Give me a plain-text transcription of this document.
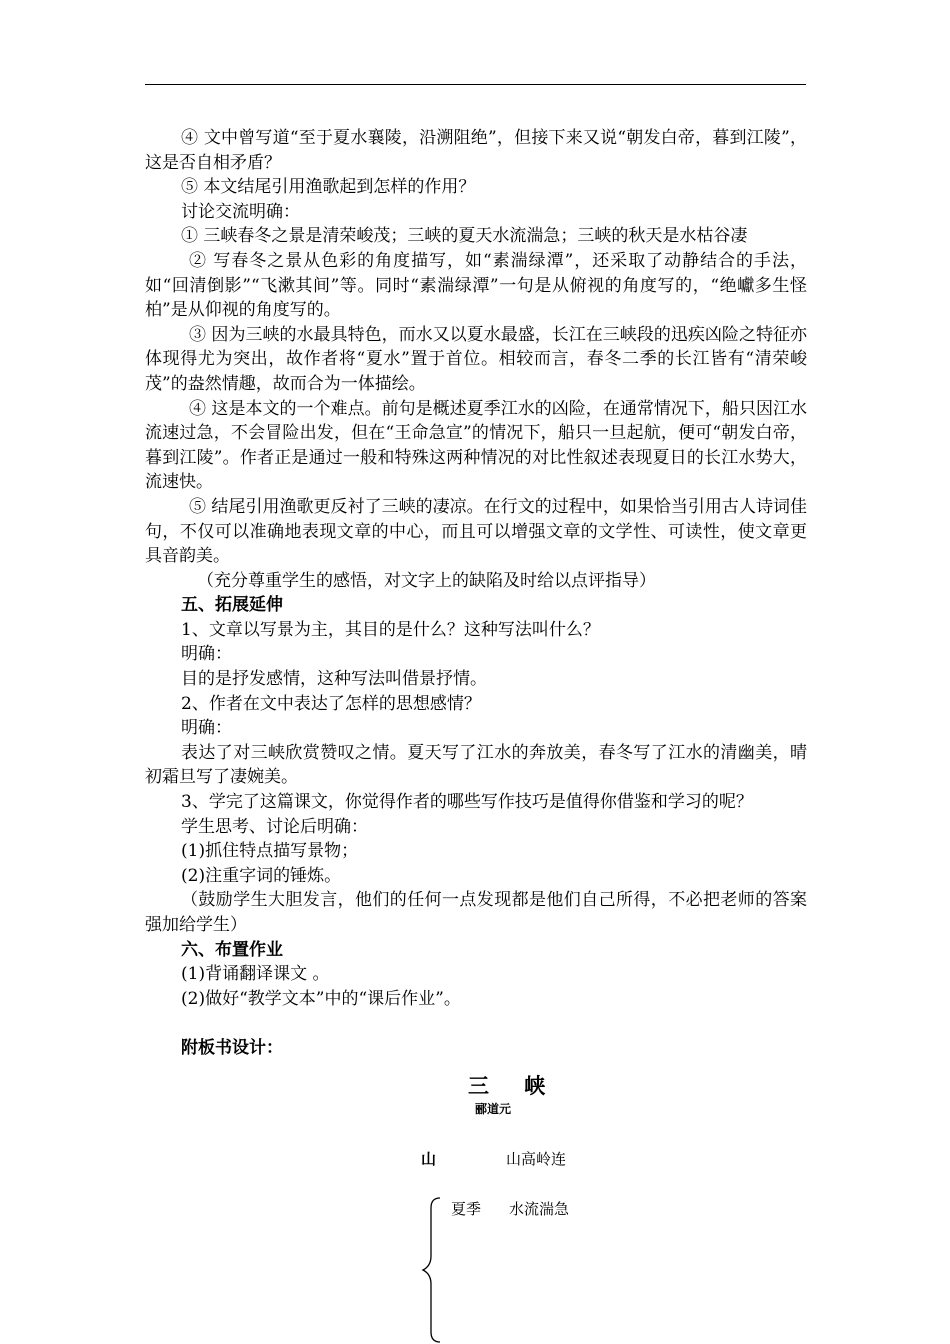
④ 文中曾写道“至于夏水襄陵，沿溯阻绝”，但接下来又说“朝发白帝，暮到江陵”，这是否自相矛盾？

⑤ 本文结尾引用渔歌起到怎样的作用？

讨论交流明确：

① 三峡春冬之景是清荣峻茂；三峡的夏天水流湍急；三峡的秋天是水枯谷凄

② 写春冬之景从色彩的角度描写，如“素湍绿潭”，还采取了动静结合的手法，如“回清倒影”“飞漱其间”等。同时“素湍绿潭”一句是从俯视的角度写的，“绝巘多生怪柏”是从仰视的角度写的。

③ 因为三峡的水最具特色，而水又以夏水最盛，长江在三峡段的迅疾凶险之特征亦体现得尤为突出，故作者将“夏水”置于首位。相较而言，春冬二季的长江皆有“清荣峻茂”的盎然情趣，故而合为一体描绘。

④ 这是本文的一个难点。前句是概述夏季江水的凶险，在通常情况下，船只因江水流速过急，不会冒险出发，但在“王命急宣”的情况下，船只一旦起航，便可“朝发白帝，暮到江陵”。作者正是通过一般和特殊这两种情况的对比性叙述表现夏日的长江水势大，流速快。

⑤ 结尾引用渔歌更反衬了三峡的凄凉。在行文的过程中，如果恰当引用古人诗词佳句，不仅可以准确地表现文章的中心，而且可以增强文章的文学性、可读性，使文章更具音韵美。

（充分尊重学生的感悟，对文字上的缺陷及时给以点评指导）

五、拓展延伸

1、文章以写景为主，其目的是什么？这种写法叫什么？

明确：

目的是抒发感情，这种写法叫借景抒情。

2、作者在文中表达了怎样的思想感情？

明确：

表达了对三峡欣赏赞叹之情。夏天写了江水的奔放美，春冬写了江水的清幽美，晴初霜旦写了凄婉美。

3、学完了这篇课文，你觉得作者的哪些写作技巧是值得你借鉴和学习的呢？

学生思考、讨论后明确：

(1)抓住特点描写景物；

(2)注重字词的锤炼。

（鼓励学生大胆发言，他们的任何一点发现都是他们自己所得，不必把老师的答案强加给学生）

六、布置作业

(1)背诵翻译课文 。

(2)做好“教学文本”中的“课后作业”。

附板书设计：

三 峡
郦道元
山	山高岭连
夏季 水流湍急
